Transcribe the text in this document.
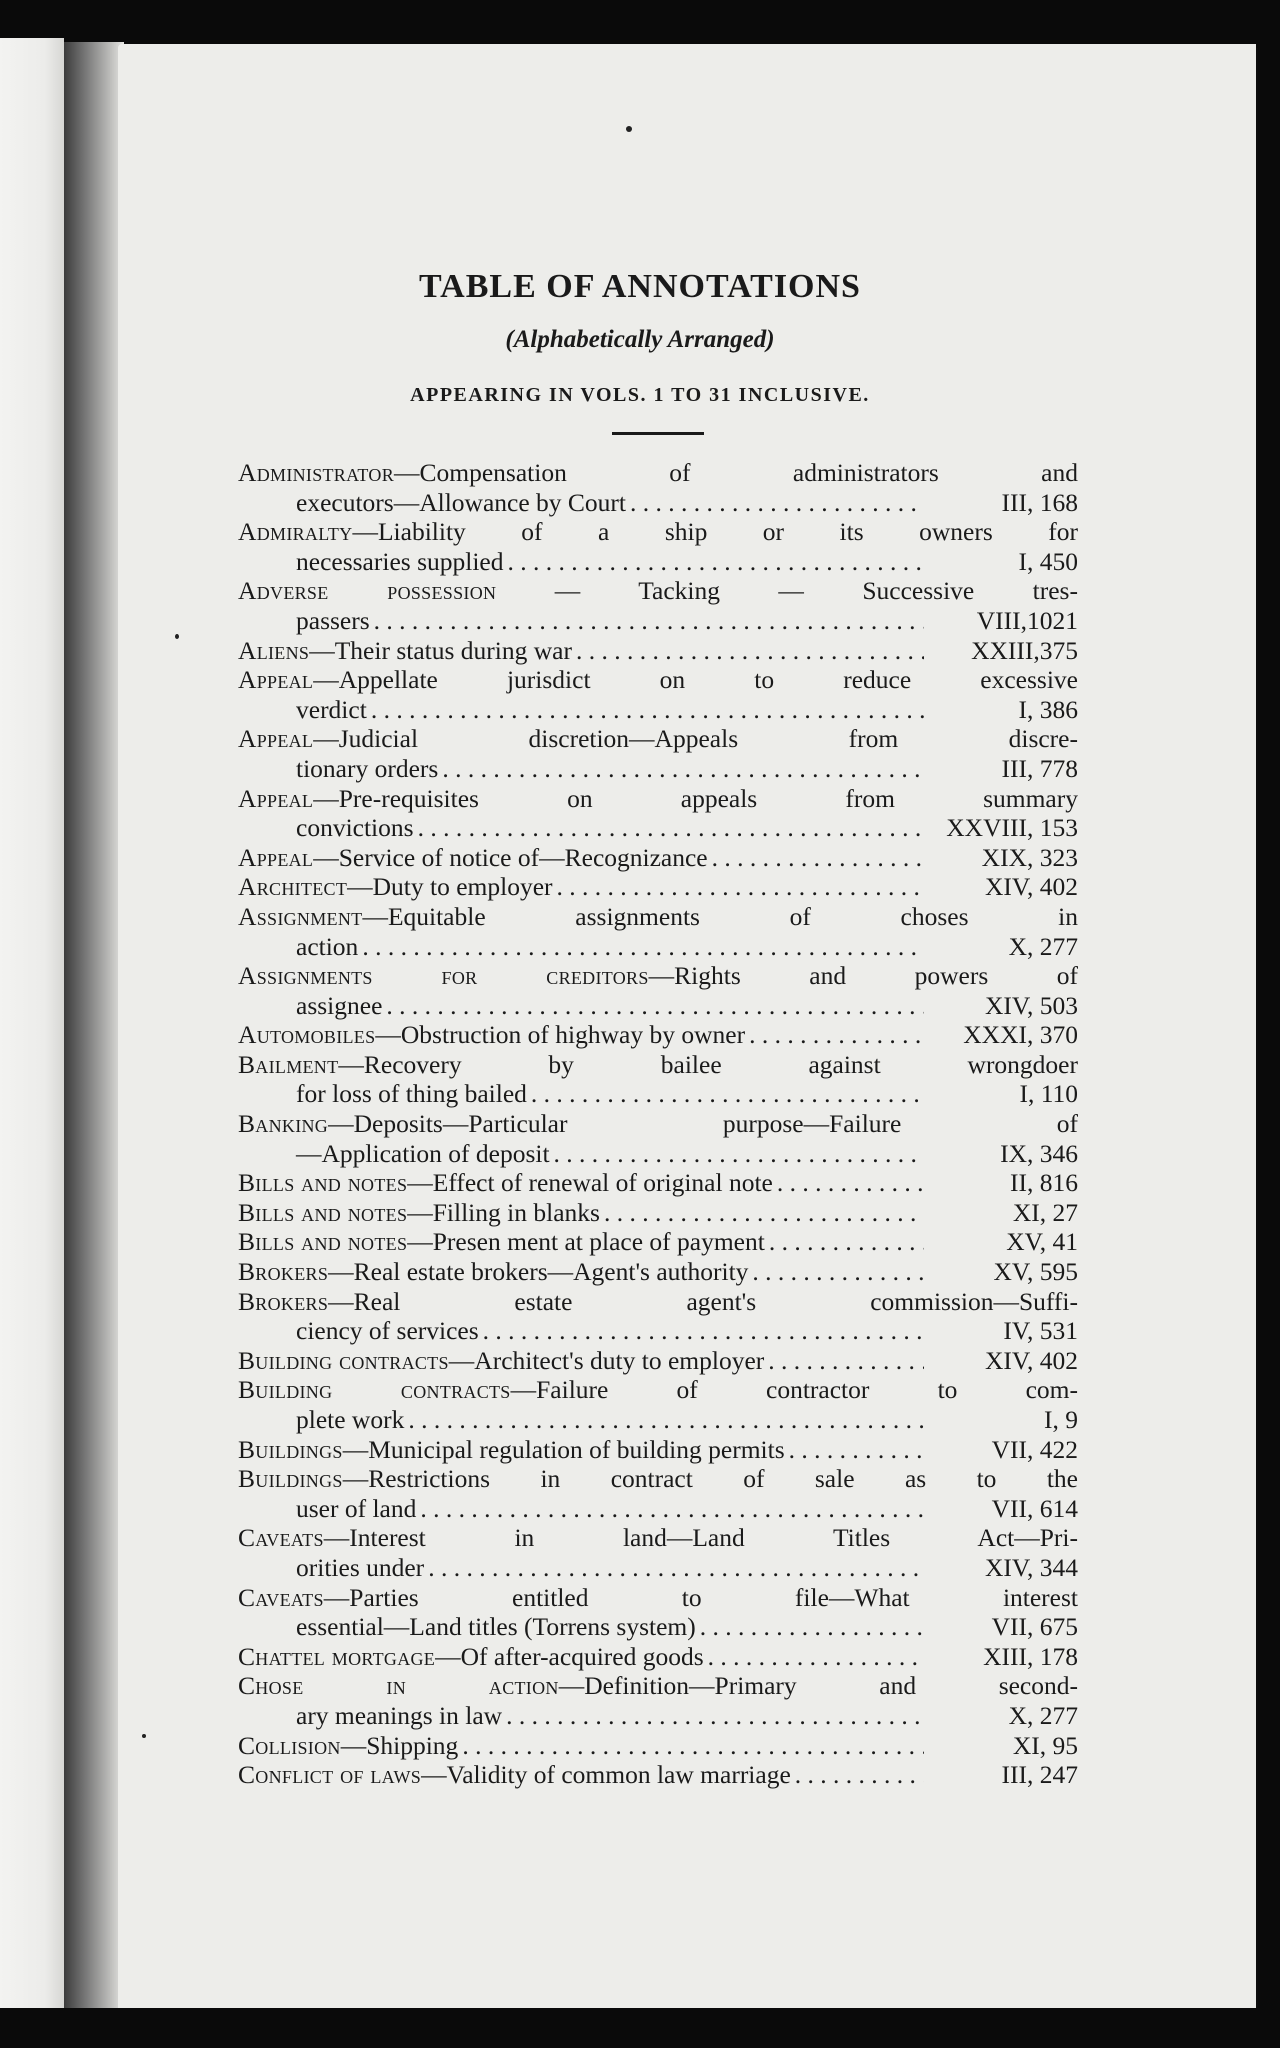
TABLE OF ANNOTATIONS
(Alphabetically Arranged)
APPEARING IN VOLS. 1 TO 31 INCLUSIVE.
Administrator—Compensation of administrators and
executors—Allowance by Court . . .	III, 168
Admiralty—Liability of a ship or its owners for
necessaries supplied . . .	I, 450
Adverse possession — Tacking — Successive tres-
passers . . .	VIII,1021
Aliens —Their status during war . . .	XXIII,375
Appeal—Appellate jurisdict on to reduce excessive
verdict . . .	I, 386
Appeal—Judicial discretion—Appeals from discre-
tionary orders . . .	III, 778
Appeal—Pre-requisites on appeals from summary
convictions . . .	XXVIII, 153
Appeal —Service of notice of—Recognizance . . .	XIX, 323
Architect —Duty to employer . . .	XIV, 402
Assignment—Equitable assignments of choses in
action . . .	X, 277
Assignments for creditors—Rights and powers of
assignee . . .	XIV, 503
Automobiles —Obstruction of highway by owner . . .	XXXI, 370
Bailment—Recovery by bailee against wrongdoer
for loss of thing bailed . . .	I, 110
Banking—Deposits—Particular purpose—Failure of
—Application of deposit . . .	IX, 346
Bills and notes —Effect of renewal of original note . . .	II, 816
Bills and notes —Filling in blanks . . .	XI, 27
Bills and notes —Presen ment at place of payment . . .	XV, 41
Brokers —Real estate brokers—Agent's authority . . .	XV, 595
Brokers—Real estate agent's commission—Suffi-
ciency of services . . .	IV, 531
Building contracts —Architect's duty to employer . . .	XIV, 402
Building contracts—Failure of contractor to com-
plete work . . .	I, 9
Buildings —Municipal regulation of building permits . . .	VII, 422
Buildings—Restrictions in contract of sale as to the
user of land . . .	VII, 614
Caveats—Interest in land—Land Titles Act—Pri-
orities under . . .	XIV, 344
Caveats—Parties entitled to file—What interest
essential—Land titles (Torrens system) . . .	VII, 675
Chattel mortgage —Of after-acquired goods . . .	XIII, 178
Chose in action—Definition—Primary and second-
ary meanings in law . . .	X, 277
Collision —Shipping . . .	XI, 95
Conflict of laws —Validity of common law marriage . . .	III, 247
